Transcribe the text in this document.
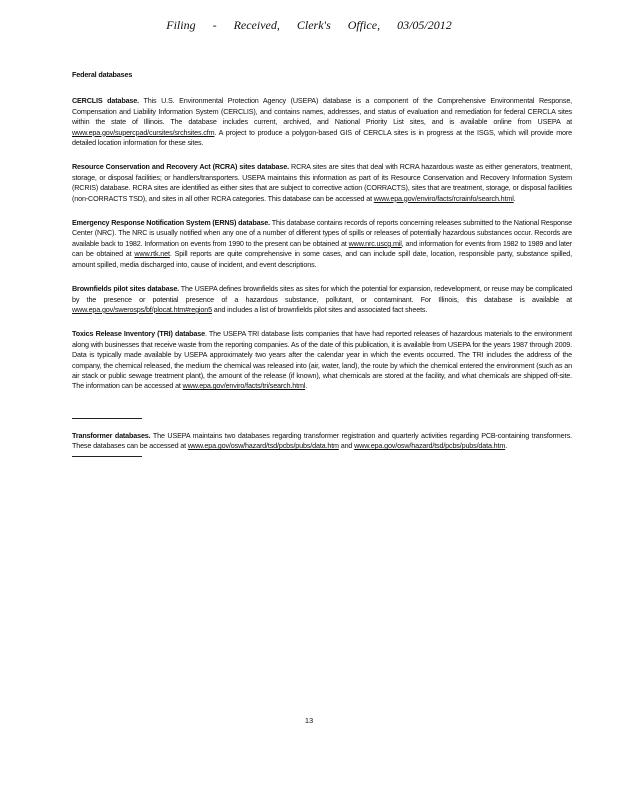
Filing - Received, Clerk's Office, 03/05/2012
Federal databases

CERCLIS database. This U.S. Environmental Protection Agency (USEPA) database is a component of the Comprehensive Environmental Response, Compensation and Liability Information System (CERCLIS), and contains names, addresses, and status of evaluation and remediation for federal CERCLA sites within the state of Illinois. The database includes current, archived, and National Priority List sites, and is available online from USEPA at www.epa.gov/supercpad/cursites/srchsites.cfm. A project to produce a polygon-based GIS of CERCLA sites is in progress at the ISGS, which will provide more detailed location information for these sites.

Resource Conservation and Recovery Act (RCRA) sites database. RCRA sites are sites that deal with RCRA hazardous waste as either generators, treatment, storage, or disposal facilities; or handlers/transporters. USEPA maintains this information as part of its Resource Conservation and Recovery Information System (RCRIS) database. RCRA sites are identified as either sites that are subject to corrective action (CORRACTS), sites that are treatment, storage, or disposal facilities (non-CORRACTS TSD), and sites in all other RCRA categories. This database can be accessed at www.epa.gov/enviro/facts/rcrainfo/search.html.

Emergency Response Notification System (ERNS) database. This database contains records of reports concerning releases submitted to the National Response Center (NRC). The NRC is usually notified when any one of a number of different types of spills or releases of potentially hazardous substances occur. Records are available back to 1982. Information on events from 1990 to the present can be obtained at www.nrc.uscg.mil, and information for events from 1982 to 1989 and later can be obtained at www.rtk.net. Spill reports are quite comprehensive in some cases, and can include spill date, location, responsible party, substance spilled, amount spilled, media discharged into, cause of incident, and event descriptions.

Brownfields pilot sites database. The USEPA defines brownfields sites as sites for which the potential for expansion, redevelopment, or reuse may be complicated by the presence or potential presence of a hazardous substance, pollutant, or contaminant. For Illinois, this database is available at www.epa.gov/swerosps/bf/plocat.htm#region5 and includes a list of brownfields pilot sites and associated fact sheets.

Toxics Release Inventory (TRI) database. The USEPA TRI database lists companies that have had reported releases of hazardous materials to the environment along with businesses that receive waste from the reporting companies. As of the date of this publication, it is available from USEPA for the years 1987 through 2009. Data is typically made available by USEPA approximately two years after the calendar year in which the events occurred. The TRI includes the address of the company, the chemical released, the medium the chemical was released into (air, water, land), the route by which the chemical entered the environment (such as an air stack or public sewage treatment plant), the amount of the release (if known), what chemicals are stored at the facility, and what chemicals are shipped off-site. The information can be accessed at www.epa.gov/enviro/facts/tri/search.html.

Transformer databases. The USEPA maintains two databases regarding transformer registration and quarterly activities regarding PCB-containing transformers. These databases can be accessed at www.epa.gov/osw/hazard/tsd/pcbs/pubs/data.htm and www.epa.gov/osw/hazard/tsd/pcbs/pubs/data.htm.

13
